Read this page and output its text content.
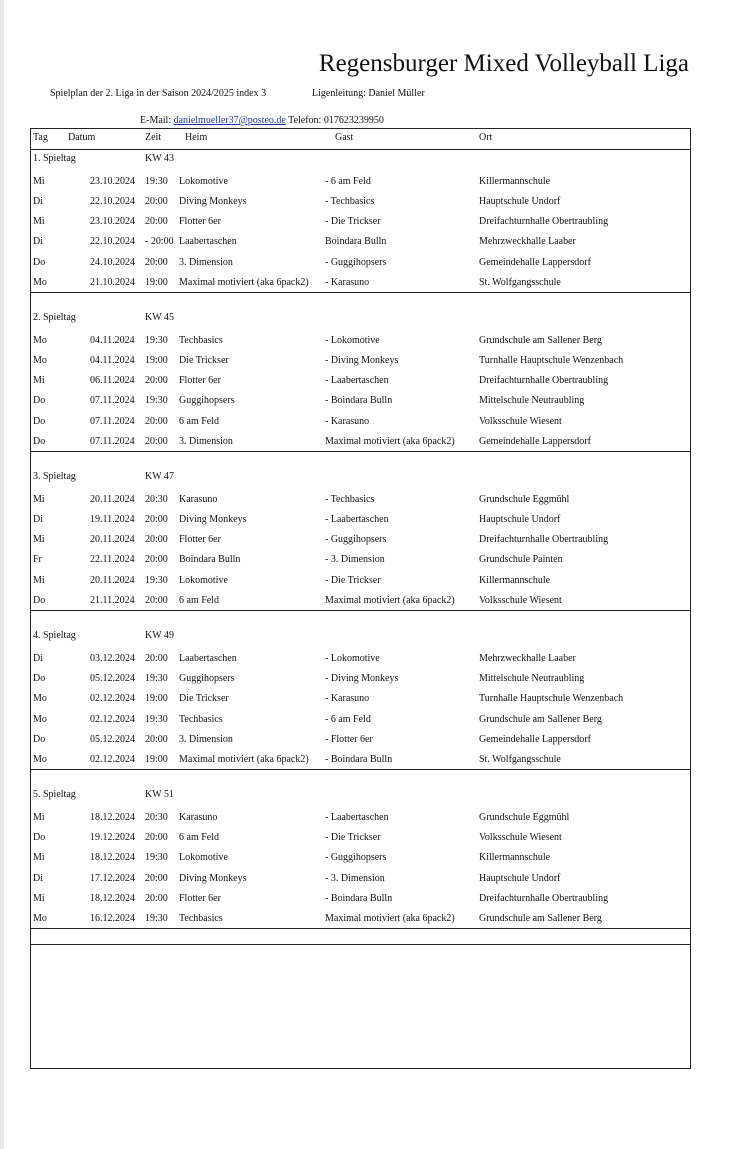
Regensburger Mixed Volleyball Liga
Spielplan der 2. Liga in der Saison 2024/2025 index 3	Ligenleitung: Daniel Müller
E-Mail: danielmueller37@posteo.de Telefon: 017623239950
Tag Datum	Zeit Heim	Gast	Ort
1. Spieltag	KW 43
Mi	23.10.2024 19:30 Lokomotive	- 6 am Feld	Killermannschule
Di	22.10.2024 20:00 Diving Monkeys	- Techbasics	Hauptschule Undorf
Mi	23.10.2024 20:00 Flotter 6er	- Die Trickser	Dreifachturnhalle Obertraubling
Di	22.10.2024 - 20:00 Laabertaschen	Boindara Bulln	Mehrzweckhalle Laaber
Do	24.10.2024 20:00 3. Dimension	- Guggihopsers	Gemeindehalle Lappersdorf
Mo	21.10.2024 19:00 Maximal motiviert (aka 6pack2) - Karasuno	St. Wolfgangsschule
2. Spieltag	KW 45
Mo	04.11.2024 19:30 Techbasics	- Lokomotive	Grundschule am Sallener Berg
Mo	04.11.2024 19:00 Die Trickser	- Diving Monkeys	Turnhalle Hauptschule Wenzenbach
Mi	06.11.2024 20:00 Flotter 6er	- Laabertaschen	Dreifachturnhalle Obertraubling
Do	07.11.2024 19:30 Guggihopsers	- Boindara Bulln	Mittelschule Neutraubling
Do	07.11.2024 20:00 6 am Feld	- Karasuno	Volksschule Wiesent
Do	07.11.2024 20:00 3. Dimension	Maximal motiviert (aka 6pack2) Gemeindehalle Lappersdorf
3. Spieltag	KW 47
Mi	20.11.2024 20:30 Karasuno	- Techbasics	Grundschule Eggmühl
Di	19.11.2024 20:00 Diving Monkeys	- Laabertaschen	Hauptschule Undorf
Mi	20.11.2024 20:00 Flotter 6er	- Guggihopsers	Dreifachturnhalle Obertraubling
Fr	22.11.2024 20:00 Boindara Bulln	- 3. Dimension	Grundschule Painten
Mi	20.11.2024 19:30 Lokomotive	- Die Trickser	Killermannschule
Do	21.11.2024 20:00 6 am Feld	Maximal motiviert (aka 6pack2) Volksschule Wiesent
4. Spieltag	KW 49
Di	03.12.2024 20:00 Laabertaschen	- Lokomotive	Mehrzweckhalle Laaber
Do	05.12.2024 19:30 Guggihopsers	- Diving Monkeys	Mittelschule Neutraubling
Mo	02.12.2024 19:00 Die Trickser	- Karasuno	Turnhalle Hauptschule Wenzenbach
Mo	02.12.2024 19:30 Techbasics	- 6 am Feld	Grundschule am Sallener Berg
Do	05.12.2024 20:00 3. Dimension	- Flotter 6er	Gemeindehalle Lappersdorf
Mo	02.12.2024 19:00 Maximal motiviert (aka 6pack2) - Boindara Bulln	St. Wolfgangsschule
5. Spieltag	KW 51
Mi	18.12.2024 20:30 Karasuno	- Laabertaschen	Grundschule Eggmühl
Do	19.12.2024 20:00 6 am Feld	- Die Trickser	Volksschule Wiesent
Mi	18.12.2024 19:30 Lokomotive	- Guggihopsers	Killermannschule
Di	17.12.2024 20:00 Diving Monkeys	- 3. Dimension	Hauptschule Undorf
Mi	18.12.2024 20:00 Flotter 6er	- Boindara Bulln	Dreifachturnhalle Obertraubling
Mo	16.12.2024 19:30 Techbasics	Maximal motiviert (aka 6pack2) Grundschule am Sallener Berg
